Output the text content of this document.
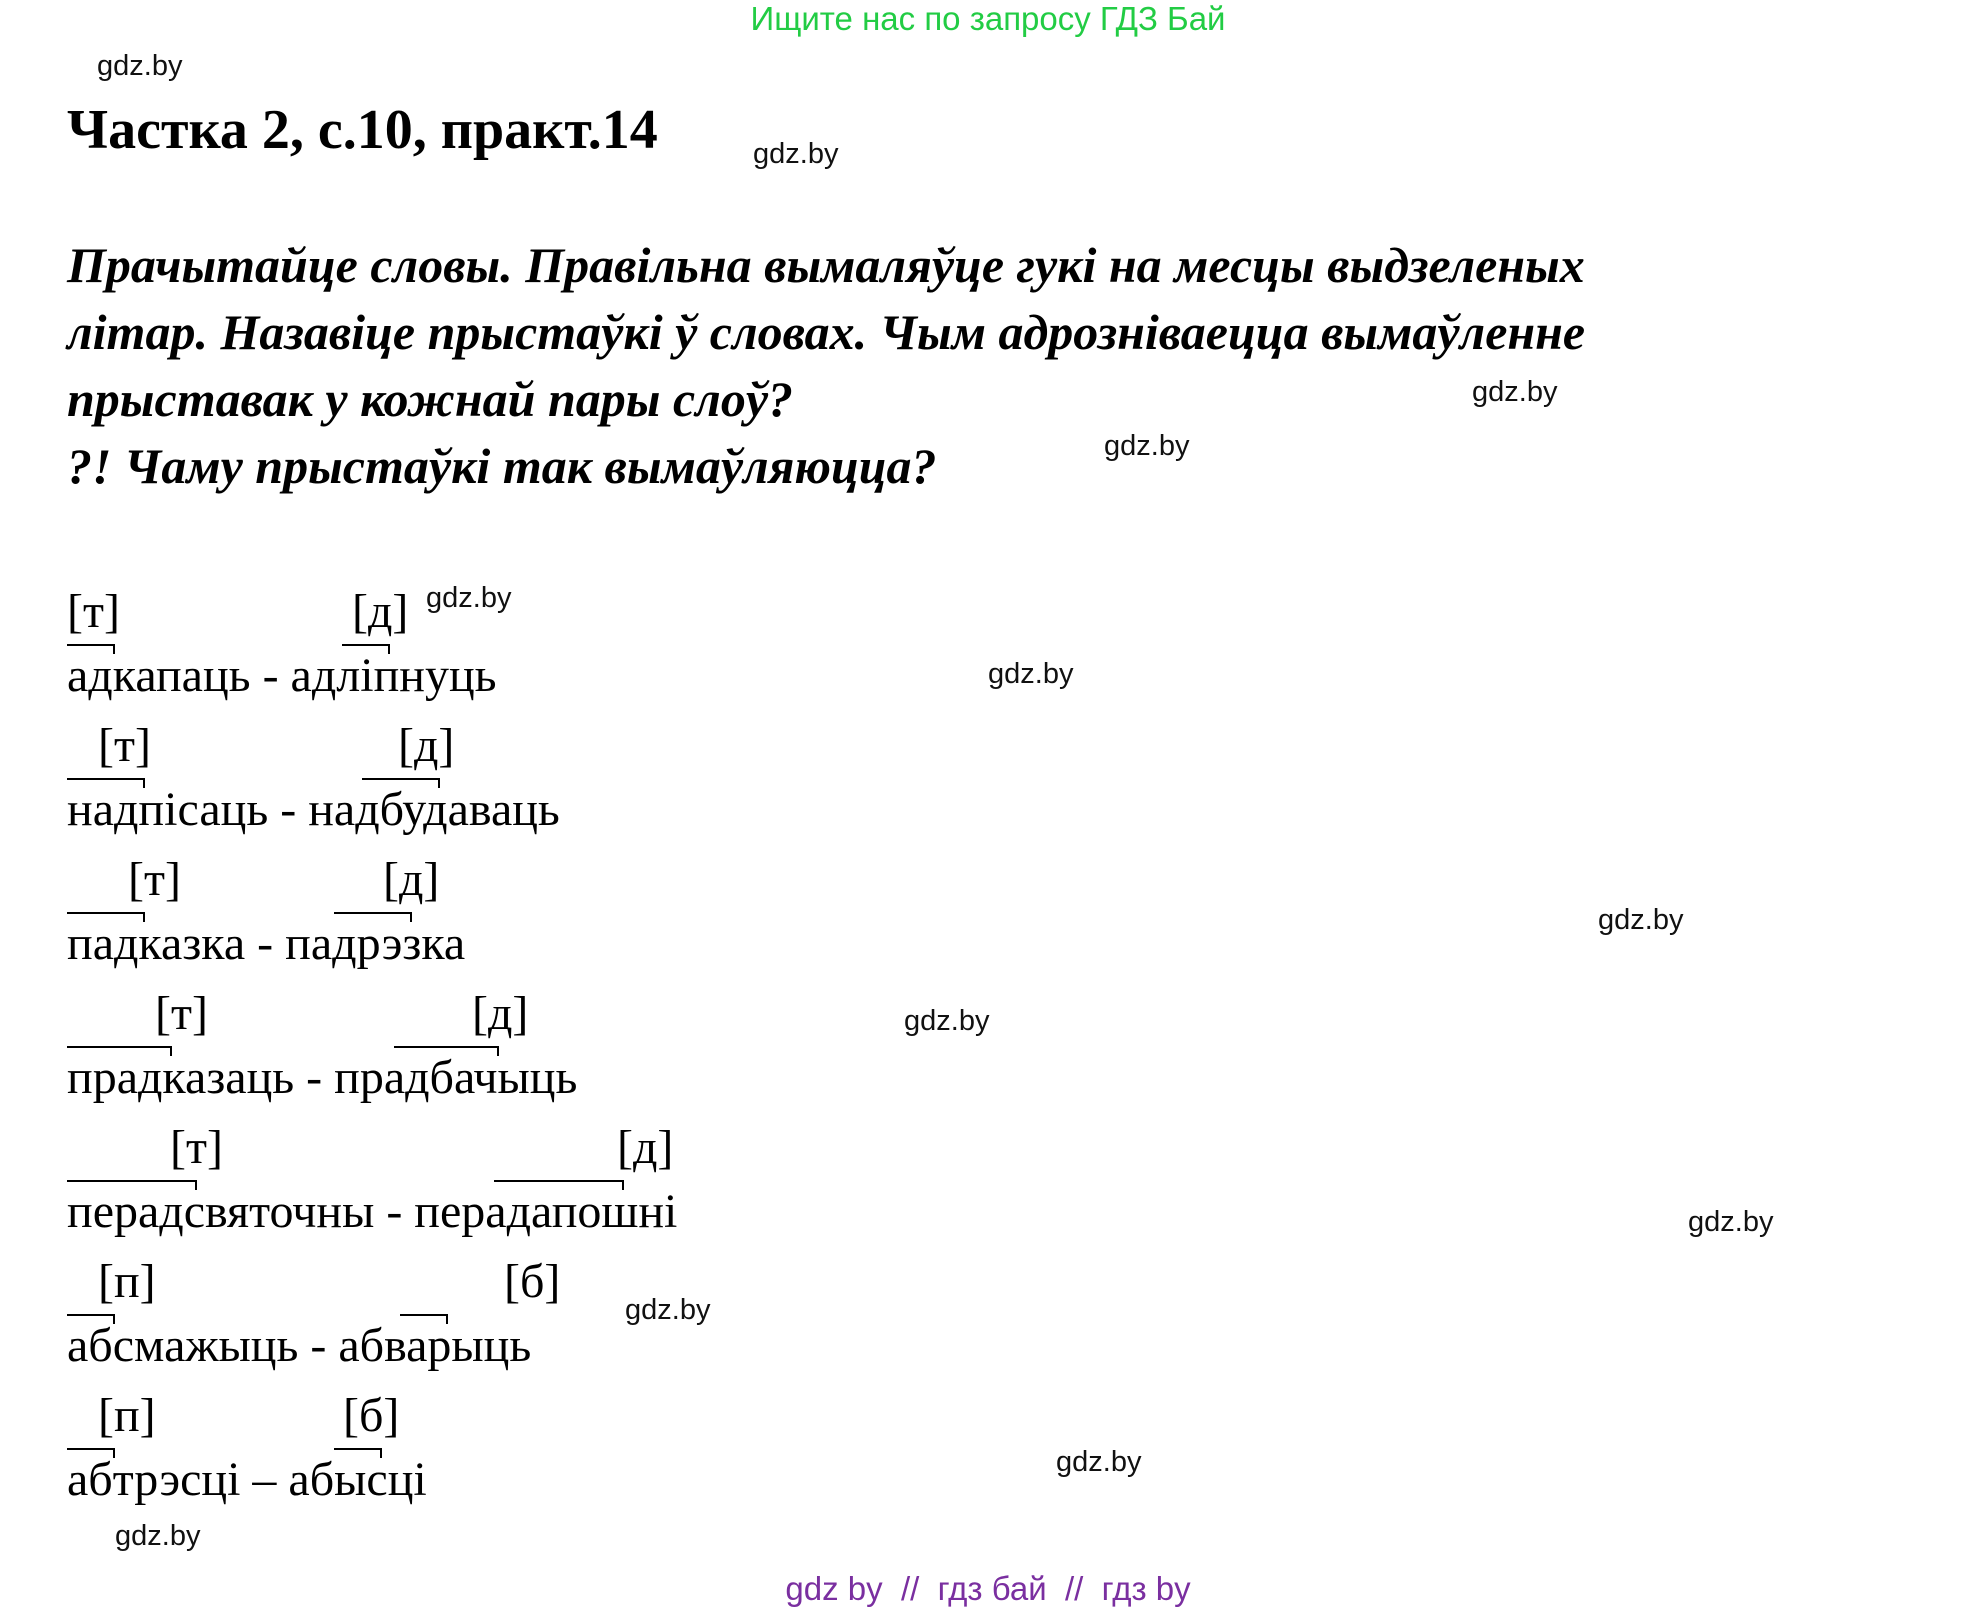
Ищите нас по запросу ГДЗ Бай
Частка 2, с.10, практ.14
Прачытайце словы. Правільна вымаляўце гукі на месцы выдзеленых
літар. Назавіце прыстаўкі ў словах. Чым адрозніваецца вымаўленне
прыставак у кожнай пары слоў?
?! Чаму прыстаўкі так вымаўляюцца?
[т]	[д]
адкапаць - адліпнуць
[т]	[д]
надпісаць - надбудаваць
[т]	[д]
падказка - падрэзка
[т]	[д]
прадказаць - прадбачыць
[т]	[д]
перадсвяточны - перадапошні
[п]	[б]
абсмажыць - абварыць
[п]	[б]
абтрэсці – абысці
gdz.by
gdz.by
gdz.by
gdz.by
gdz.by
gdz.by
gdz.by
gdz.by
gdz.by
gdz.by
gdz.by
gdz.by
gdz by  //  гдз бай  //  гдз by
